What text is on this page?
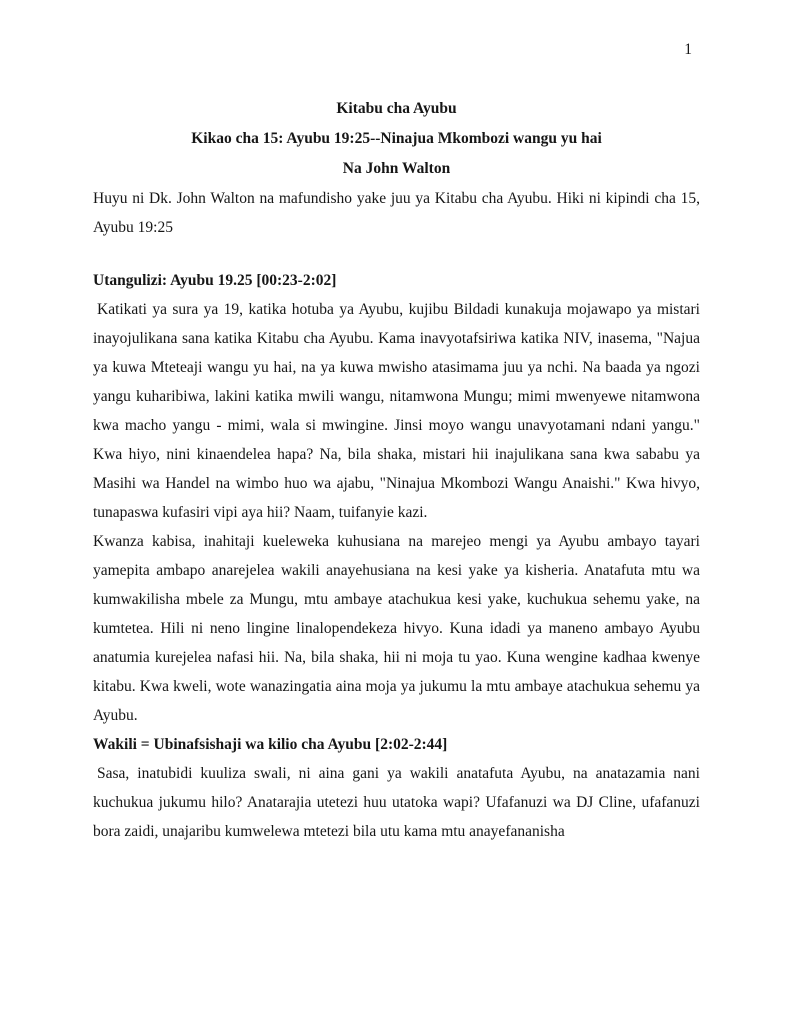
1
Kitabu cha Ayubu
Kikao cha 15: Ayubu 19:25--Ninajua Mkombozi wangu yu hai
Na John Walton

Huyu ni Dk. John Walton na mafundisho yake juu ya Kitabu cha Ayubu. Hiki ni kipindi cha 15, Ayubu 19:25

Utangulizi: Ayubu 19.25 [00:23-2:02]

Katikati ya sura ya 19, katika hotuba ya Ayubu, kujibu Bildadi kunakuja mojawapo ya mistari inayojulikana sana katika Kitabu cha Ayubu. Kama inavyotafsiriwa katika NIV, inasema, "Najua ya kuwa Mteteaji wangu yu hai, na ya kuwa mwisho atasimama juu ya nchi. Na baada ya ngozi yangu kuharibiwa, lakini katika mwili wangu, nitamwona Mungu; mimi mwenyewe nitamwona kwa macho yangu - mimi, wala si mwingine. Jinsi moyo wangu unavyotamani ndani yangu." Kwa hiyo, nini kinaendelea hapa? Na, bila shaka, mistari hii inajulikana sana kwa sababu ya Masihi wa Handel na wimbo huo wa ajabu, "Ninajua Mkombozi Wangu Anaishi." Kwa hivyo, tunapaswa kufasiri vipi aya hii? Naam, tuifanyie kazi.

Kwanza kabisa, inahitaji kueleweka kuhusiana na marejeo mengi ya Ayubu ambayo tayari yamepita ambapo anarejelea wakili anayehusiana na kesi yake ya kisheria. Anatafuta mtu wa kumwakilisha mbele za Mungu, mtu ambaye atachukua kesi yake, kuchukua sehemu yake, na kumtetea. Hili ni neno lingine linalopendekeza hivyo. Kuna idadi ya maneno ambayo Ayubu anatumia kurejelea nafasi hii. Na, bila shaka, hii ni moja tu yao. Kuna wengine kadhaa kwenye kitabu. Kwa kweli, wote wanazingatia aina moja ya jukumu la mtu ambaye atachukua sehemu ya Ayubu.

Wakili = Ubinafsishaji wa kilio cha Ayubu [2:02-2:44]

Sasa, inatubidi kuuliza swali, ni aina gani ya wakili anatafuta Ayubu, na anatazamia nani kuchukua jukumu hilo? Anatarajia utetezi huu utatoka wapi? Ufafanuzi wa DJ Cline, ufafanuzi bora zaidi, unajaribu kumwelewa mtetezi bila utu kama mtu anayefananisha
